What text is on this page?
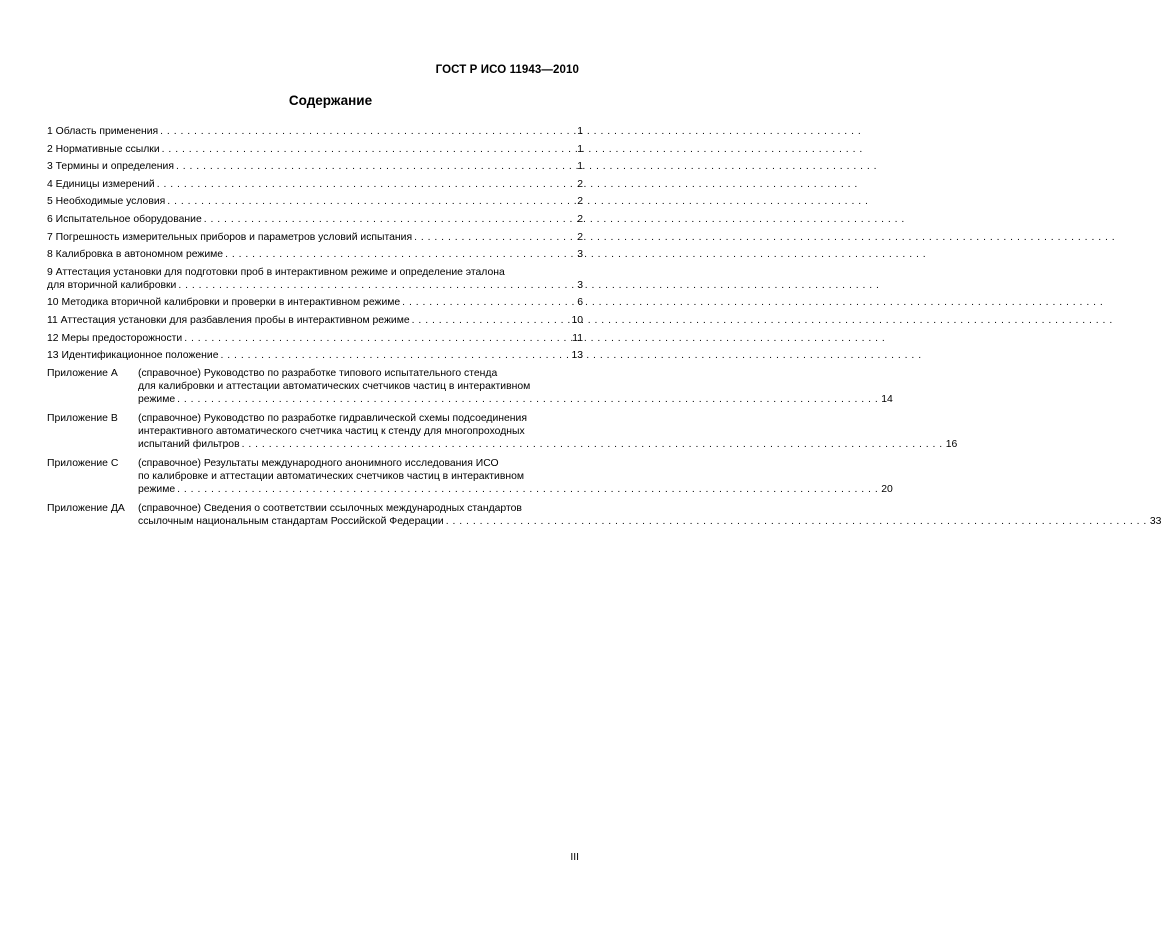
ГОСТ Р ИСО 11943—2010
Содержание
1 Область применения . . .	1
2 Нормативные ссылки . . .	1
3 Термины и определения . . .	1
4 Единицы измерений . . .	2
5 Необходимые условия . . .	2
6 Испытательное оборудование . . .	2
7 Погрешность измерительных приборов и параметров условий испытания . . .	2
8 Калибровка в автономном режиме . . .	3
9 Аттестация установки для подготовки проб в интерактивном режиме и определение эталона
для вторичной калибровки . . .	3
10 Методика вторичной калибровки и проверки в интерактивном режиме . . .	6
11 Аттестация установки для разбавления пробы в интерактивном режиме . . .	10
12 Меры предосторожности . . .	11
13 Идентификационное положение . . .	13
Приложение А	(справочное) Руководство по разработке типового испытательного стенда
для калибровки и аттестации автоматических счетчиков частиц в интерактивном
режиме . . .	14
Приложение В	(справочное) Руководство по разработке гидравлической схемы подсоединения
интерактивного автоматического счетчика частиц к стенду для многопроходных
испытаний фильтров . . .	16
Приложение С	(справочное) Результаты международного анонимного исследования ИСО
по калибровке и аттестации автоматических счетчиков частиц в интерактивном
режиме . . .	20
Приложение ДА	(справочное) Сведения о соответствии ссылочных международных стандартов
ссылочным национальным стандартам Российской Федерации . . .	33
III
